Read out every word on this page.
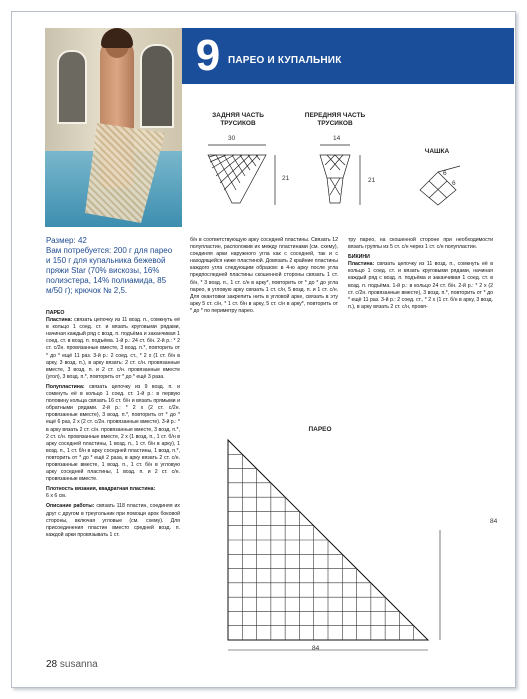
9 ПАРЕО И КУПАЛЬНИК
ЗАДНЯЯ ЧАСТЬ
ТРУСИКОВ
ПЕРЕДНЯЯ ЧАСТЬ
ТРУСИКОВ
ЧАШКА
30
21
14
21
6
6
Размер: 42
Вам потребуется: 200 г для парео и 150 г для купальника бежевой пряжи Star (70% вискозы, 16% полиэстера, 14% полиамида, 85 м/50 г); крючок № 2,5.

ПАРЕО
Пластина: связать цепочку из 11 возд. п., сомкнуть её в кольцо 1 соед. ст. и вязать круговыми рядами, начиная каждый ряд с возд. п. подъёма и заканчивая 1 соед. ст. в возд. п. подъёма. 1-й р.: 24 ст. б/н. 2-й р.: * 2 ст. с/2н. провязанные вместе, 3 возд. п.*, повторить от * до * ещё 11 раз. 3-й р.: 2 соед. ст., * 2 х (1 ст. б/н в арку, 3 возд. п.), в арку вязать: 2 ст. с/н. провязанные вместе, 3 возд. п. и 2 ст. с/н. провязанные вместе (угол), 3 возд. п.*, повторить от * до * ещё 3 раза.

Полупластина: связать цепочку из 9 возд. п. и сомкнуть её в кольцо 1 соед. ст. 1-й р.: в первую половину кольца связать 16 ст. б/н и вязать прямыми и обратными рядами. 2-й р.: * 2 х (2 ст. с/2н. провязанные вместе), 3 возд. п.*, повторить от * до * ещё 6 раз, 2 х (2 ст. с/2н. провязанные вместе). 3-й р.: * в арку вязать 2 ст. с/н. провязанные вместе, 3 возд. п.*, 2 ст. с/н. провязанные вместе, 2 х (1 возд. п., 1 ст. б/н в арку соседней пластины, 1 возд. п., 1 ст. б/н в арку), 1 возд. п., 1 ст. б/н в арку соседней пластины, 1 возд. п.*, повторить от * до * ещё 2 раза, в арку вязать 2 ст. с/н. провязанные вместе, 1 возд. п., 1 ст. б/н в угловую арку соседней пластины, 1 возд. п. и 2 ст. с/н. провязанные вместе.

Плотность вязания, квадратная пластина:
6 х 6 см.

Описание работы: связать 118 пластин, соединяя их друг с другом в треугольник при помощи арок боковой стороны, включая угловые (см. схему). Для присоединения пластин вместо средней возд. п. каждой арки провязывать 1 ст.

б/н в соответствующую арку соседней пластины. Связать 12 полупластин, расположив их между пластинами (см. схему), соединяя арки наружного угла как с соседней, так и с находящейся ниже пластиной. Довязать 2 крайние пластины каждого угла следующим образом: в 4-ю арку после угла предпоследней пластины скошенной стороны связать 1 ст. б/н, * 3 возд. п., 1 ст. с/н в арку*, повторить от * до * до угла парео, в угловую арку связать 1 ст. с/н, 5 возд. п. и 1 ст. с/н. Для окантовки закрепить нить в угловой арке, связать в эту арку 5 ст. с/н, * 1 ст. б/н в арку, 5 ст. с/н в арку*, повторить от * до * по периметру парео.

тру парео, на скошенной стороне при необходимости вязать группы из 5 ст. с/н через 1 ст. с/н полупластин.

БИКИНИ
Пластина: связать цепочку из 11 возд. п., сомкнуть её в кольцо 1 соед. ст. и вязать круговыми рядами, начиная каждый ряд с возд. п. подъёма и заканчивая 1 соед. ст. в возд. п. подъёма. 1-й р.: в кольцо 24 ст. б/н. 2-й р.: * 2 х (2 ст. с/2н. провязанные вместе), 3 возд. п.*, повторить от * до * ещё 11 раз. 3-й р.: 2 соед. ст., * 2 х (1 ст. б/н в арку, 3 возд. п.), в арку вязать 2 ст. с/н, провя-

ПАРЕО
84
84
28 susanna
